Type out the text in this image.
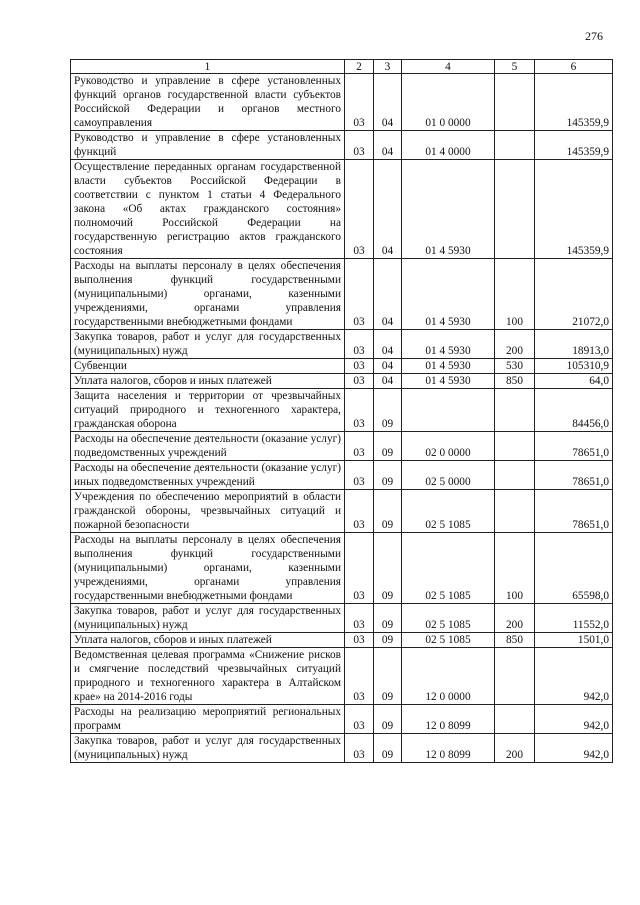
276
1	2	3	4	5	6
Руководство и управление в сфере установленных функций органов государственной власти субъектов Российской Федерации и органов местного самоуправления	03	04	01 0 0000		145359,9
Руководство и управление в сфере установленных функций	03	04	01 4 0000		145359,9
Осуществление переданных органам государственной власти субъектов Российской Федерации в соответствии с пунктом 1 статьи 4 Федерального закона «Об актах гражданского состояния» полномочий Российской Федерации на государственную регистрацию актов гражданского состояния	03	04	01 4 5930		145359,9
Расходы на выплаты персоналу в целях обеспечения выполнения функций государственными (муниципальными) органами, казенными учреждениями, органами управления государственными внебюджетными фондами	03	04	01 4 5930	100	21072,0
Закупка товаров, работ и услуг для государственных (муниципальных) нужд	03	04	01 4 5930	200	18913,0
Субвенции	03	04	01 4 5930	530	105310,9
Уплата налогов, сборов и иных платежей	03	04	01 4 5930	850	64,0
Защита населения и территории от чрезвычайных ситуаций природного и техногенного характера, гражданская оборона	03	09			84456,0
Расходы на обеспечение деятельности (оказание услуг) подведомственных учреждений	03	09	02 0 0000		78651,0
Расходы на обеспечение деятельности (оказание услуг) иных подведомственных учреждений	03	09	02 5 0000		78651,0
Учреждения по обеспечению мероприятий в области гражданской обороны, чрезвычайных ситуаций и пожарной безопасности	03	09	02 5 1085		78651,0
Расходы на выплаты персоналу в целях обеспечения выполнения функций государственными (муниципальными) органами, казенными учреждениями, органами управления государственными внебюджетными фондами	03	09	02 5 1085	100	65598,0
Закупка товаров, работ и услуг для государственных (муниципальных) нужд	03	09	02 5 1085	200	11552,0
Уплата налогов, сборов и иных платежей	03	09	02 5 1085	850	1501,0
Ведомственная целевая программа «Снижение рисков и смягчение последствий чрезвычайных ситуаций природного и техногенного характера в Алтайском крае» на 2014-2016 годы	03	09	12 0 0000		942,0
Расходы на реализацию мероприятий региональных программ	03	09	12 0 8099		942,0
Закупка товаров, работ и услуг для государственных (муниципальных) нужд	03	09	12 0 8099	200	942,0
